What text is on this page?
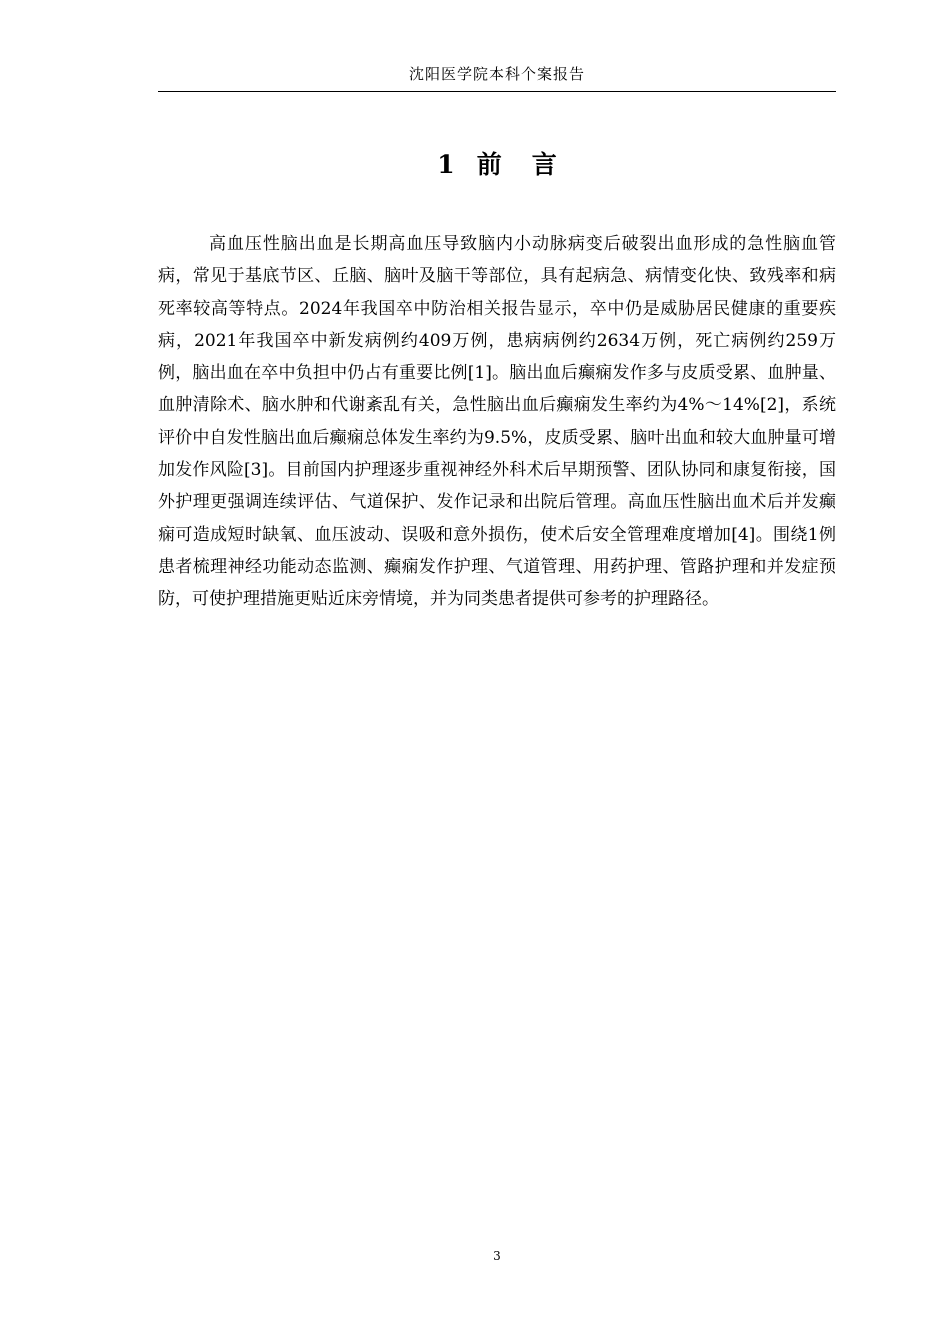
沈阳医学院本科个案报告
1 前 言

高血压性脑出血是长期高血压导致脑内小动脉病变后破裂出血形成的急性脑血管病，常见于基底节区、丘脑、脑叶及脑干等部位，具有起病急、病情变化快、致残率和病死率较高等特点。2024年我国卒中防治相关报告显示，卒中仍是威胁居民健康的重要疾病，2021年我国卒中新发病例约409万例，患病病例约2634万例，死亡病例约259万例，脑出血在卒中负担中仍占有重要比例[1]。脑出血后癫痫发作多与皮质受累、血肿量、血肿清除术、脑水肿和代谢紊乱有关，急性脑出血后癫痫发生率约为4%～14%[2]，系统评价中自发性脑出血后癫痫总体发生率约为9.5%，皮质受累、脑叶出血和较大血肿量可增加发作风险[3]。目前国内护理逐步重视神经外科术后早期预警、团队协同和康复衔接，国外护理更强调连续评估、气道保护、发作记录和出院后管理。高血压性脑出血术后并发癫痫可造成短时缺氧、血压波动、误吸和意外损伤，使术后安全管理难度增加[4]。围绕1例患者梳理神经功能动态监测、癫痫发作护理、气道管理、用药护理、管路护理和并发症预防，可使护理措施更贴近床旁情境，并为同类患者提供可参考的护理路径。

3
